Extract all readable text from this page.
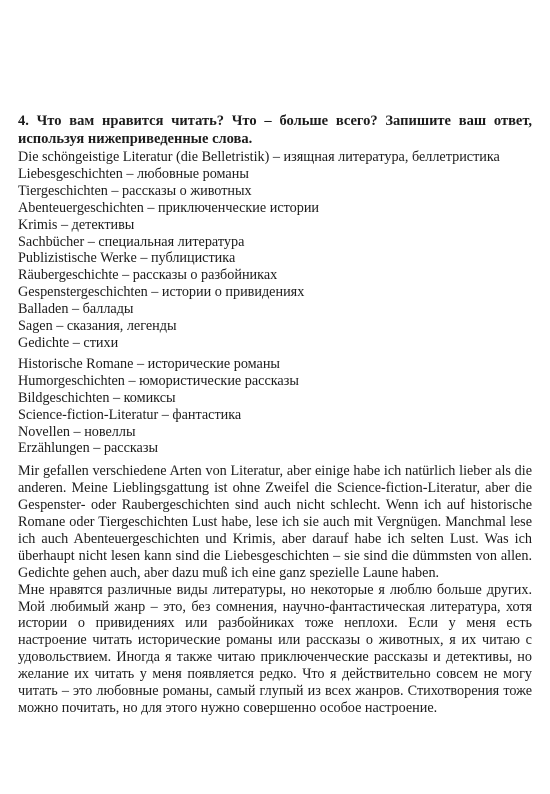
4. Что вам нравится читать? Что – больше всего? Запишите ваш ответ, используя нижеприведенные слова.

Die schöngeistige Literatur (die Belletristik) – изящная литература, беллетристика

Liebesgeschichten – любовные романы
Tiergeschichten – рассказы о животных
Abenteuergeschichten – приключенческие истории
Krimis – детективы
Sachbücher – специальная литература
Publizistische Werke – публицистика
Räubergeschichte – рассказы о разбойниках
Gespenstergeschichten – истории о привидениях
Balladen – баллады
Sagen – сказания, легенды
Gedichte – стихи
Historische Romane – исторические романы
Humorgeschichten – юмористические рассказы
Bildgeschichten – комиксы
Science-fiction-Literatur – фантастика
Novellen – новеллы
Erzählungen – рассказы

Mir gefallen verschiedene Arten von Literatur, aber einige habe ich natürlich lieber als die anderen. Meine Lieblingsgattung ist ohne Zweifel die Science-fiction-Literatur, aber die Gespenster- oder Raubergeschichten sind auch nicht schlecht. Wenn ich auf historische Romane oder Tiergeschichten Lust habe, lese ich sie auch mit Vergnügen. Manchmal lese ich auch Abenteuergeschichten und Krimis, aber darauf habe ich selten Lust. Was ich überhaupt nicht lesen kann sind die Liebesgeschichten – sie sind die dümmsten von allen. Gedichte gehen auch, aber dazu muß ich eine ganz spezielle Laune haben.

Мне нравятся различные виды литературы, но некоторые я люблю больше других. Мой любимый жанр – это, без сомнения, научно-фантастическая литература, хотя истории о привидениях или разбойниках тоже неплохи. Если у меня есть настроение читать исторические романы или рассказы о животных, я их читаю с удовольствием. Иногда я также читаю приключенческие рассказы и детективы, но желание их читать у меня появляется редко. Что я действительно совсем не могу читать – это любовные романы, самый глупый из всех жанров. Стихотворения тоже можно почитать, но для этого нужно совершенно особое настроение.
